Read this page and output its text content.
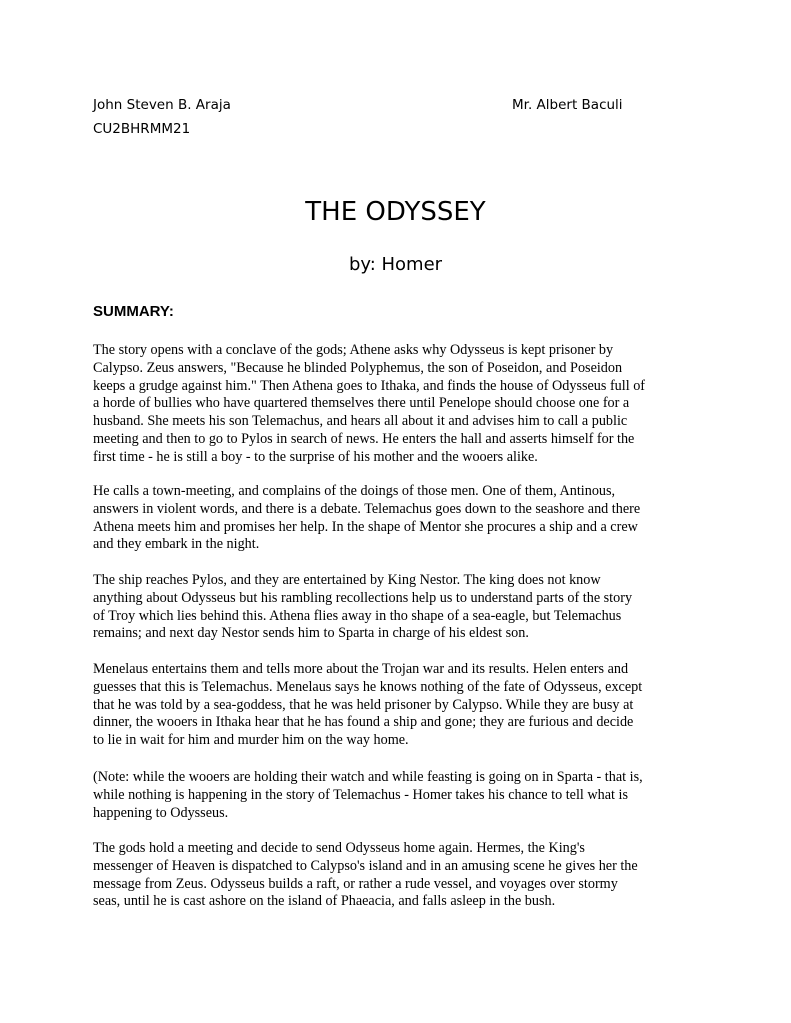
John Steven B. Araja
CU2BHRMM21
Mr. Albert Baculi
THE ODYSSEY
by: Homer
SUMMARY:
The story opens with a conclave of the gods; Athene asks why Odysseus is kept prisoner by
Calypso. Zeus answers, "Because he blinded Polyphemus, the son of Poseidon, and Poseidon
keeps a grudge against him." Then Athena goes to Ithaka, and finds the house of Odysseus full of
a horde of bullies who have quartered themselves there until Penelope should choose one for a
husband. She meets his son Telemachus, and hears all about it and advises him to call a public
meeting and then to go to Pylos in search of news. He enters the hall and asserts himself for the
first time - he is still a boy - to the surprise of his mother and the wooers alike.
He calls a town-meeting, and complains of the doings of those men. One of them, Antinous,
answers in violent words, and there is a debate. Telemachus goes down to the seashore and there
Athena meets him and promises her help. In the shape of Mentor she procures a ship and a crew
and they embark in the night.
The ship reaches Pylos, and they are entertained by King Nestor. The king does not know
anything about Odysseus but his rambling recollections help us to understand parts of the story
of Troy which lies behind this. Athena flies away in tho shape of a sea-eagle, but Telemachus
remains; and next day Nestor sends him to Sparta in charge of his eldest son.
Menelaus entertains them and tells more about the Trojan war and its results. Helen enters and
guesses that this is Telemachus. Menelaus says he knows nothing of the fate of Odysseus, except
that he was told by a sea-goddess, that he was held prisoner by Calypso. While they are busy at
dinner, the wooers in Ithaka hear that he has found a ship and gone; they are furious and decide
to lie in wait for him and murder him on the way home.
(Note: while the wooers are holding their watch and while feasting is going on in Sparta - that is,
while nothing is happening in the story of Telemachus - Homer takes his chance to tell what is
happening to Odysseus.
The gods hold a meeting and decide to send Odysseus home again. Hermes, the King's
messenger of Heaven is dispatched to Calypso's island and in an amusing scene he gives her the
message from Zeus. Odysseus builds a raft, or rather a rude vessel, and voyages over stormy
seas, until he is cast ashore on the island of Phaeacia, and falls asleep in the bush.
